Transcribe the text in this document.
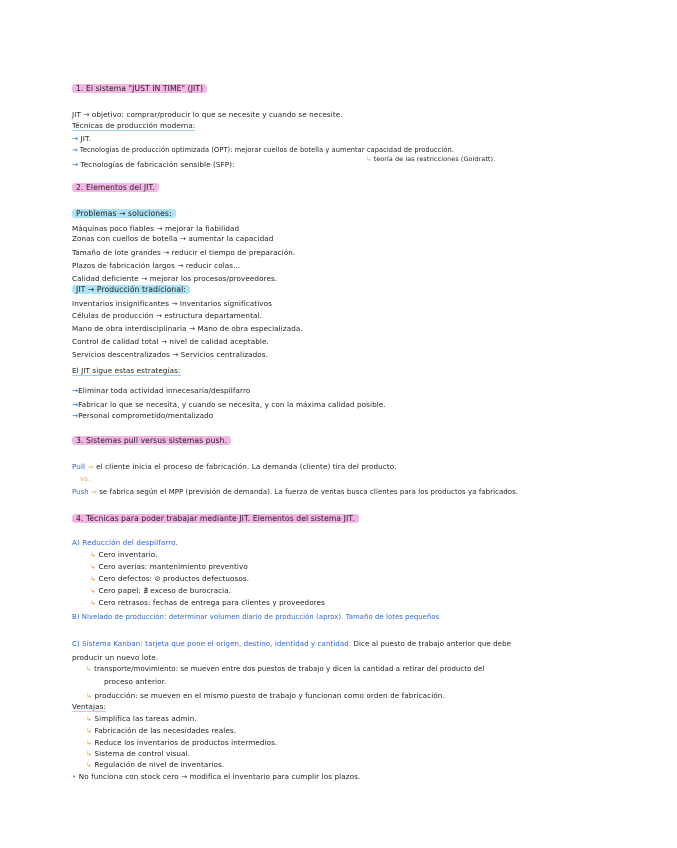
1. El sistema "JUST IN TIME" (JIT)
JIT → objetivo: comprar/producir lo que se necesite y cuando se necesite.
Técnicas de producción moderna:
→ JIT.
→ Tecnologías de producción optimizada (OPT): mejorar cuellos de botella y aumentar capacidad de producción.
↳ teoría de las restricciones (Goldratt).
→ Tecnologías de fabricación sensible (SFP):
2. Elementos del JIT.
Problemas → soluciones:
Máquinas poco fiables → mejorar la fiabilidad
Zonas con cuellos de botella → aumentar la capacidad
Tamaño de lote grandes → reducir el tiempo de preparación.
Plazos de fabricación largos → reducir colas…
Calidad deficiente → mejorar los procesos/proveedores.
JIT → Producción tradicional:
Inventarios insignificantes → Inventarios significativos
Células de producción → estructura departamental.
Mano de obra interdisciplinaria → Mano de obra especializada.
Control de calidad total → nivel de calidad aceptable.
Servicios descentralizados → Servicios centralizados.
El JIT sigue estas estrategias:
→Eliminar toda actividad innecesaria/despilfarro
→Fabricar lo que se necesita, y cuando se necesita, y con la máxima calidad posible.
→Personal comprometido/mentalizado
3. Sistemas pull versus sistemas push.
Pull ⇒ el cliente inicia el proceso de fabricación. La demanda (cliente) tira del producto.
vs.
Push ⇒ se fabrica según el MPP (previsión de demanda). La fuerza de ventas busca clientes para los productos ya fabricados.
4. Técnicas para poder trabajar mediante JIT. Elementos del sistema JIT.
A) Reducción del despilfarro.
↳ Cero inventario.
↳ Cero averías: mantenimiento preventivo
↳ Cero defectos: ⊘ productos defectuosos.
↳ Cero papel: ∄ exceso de burocracia.
↳ Cero retrasos: fechas de entrega para clientes y proveedores
B) Nivelado de producción: determinar volumen diario de producción (aprox). Tamaño de lotes pequeños
C) Sistema Kanban: tarjeta que pone el origen, destino, identidad y cantidad. Dice al puesto de trabajo anterior que debe
producir un nuevo lote.
↳ transporte/movimiento: se mueven entre dos puestos de trabajo y dicen la cantidad a retirar del producto del
proceso anterior.
↳ producción: se mueven en el mismo puesto de trabajo y funcionan como orden de fabricación.
Ventajas:
↳ Simplifica las tareas admin.
↳ Fabricación de las necesidades reales.
↳ Reduce los inventarios de productos intermedios.
↳ Sistema de control visual.
↳ Regulación de nivel de inventarios.
• No funciona con stock cero → modifica el inventario para cumplir los plazos.
